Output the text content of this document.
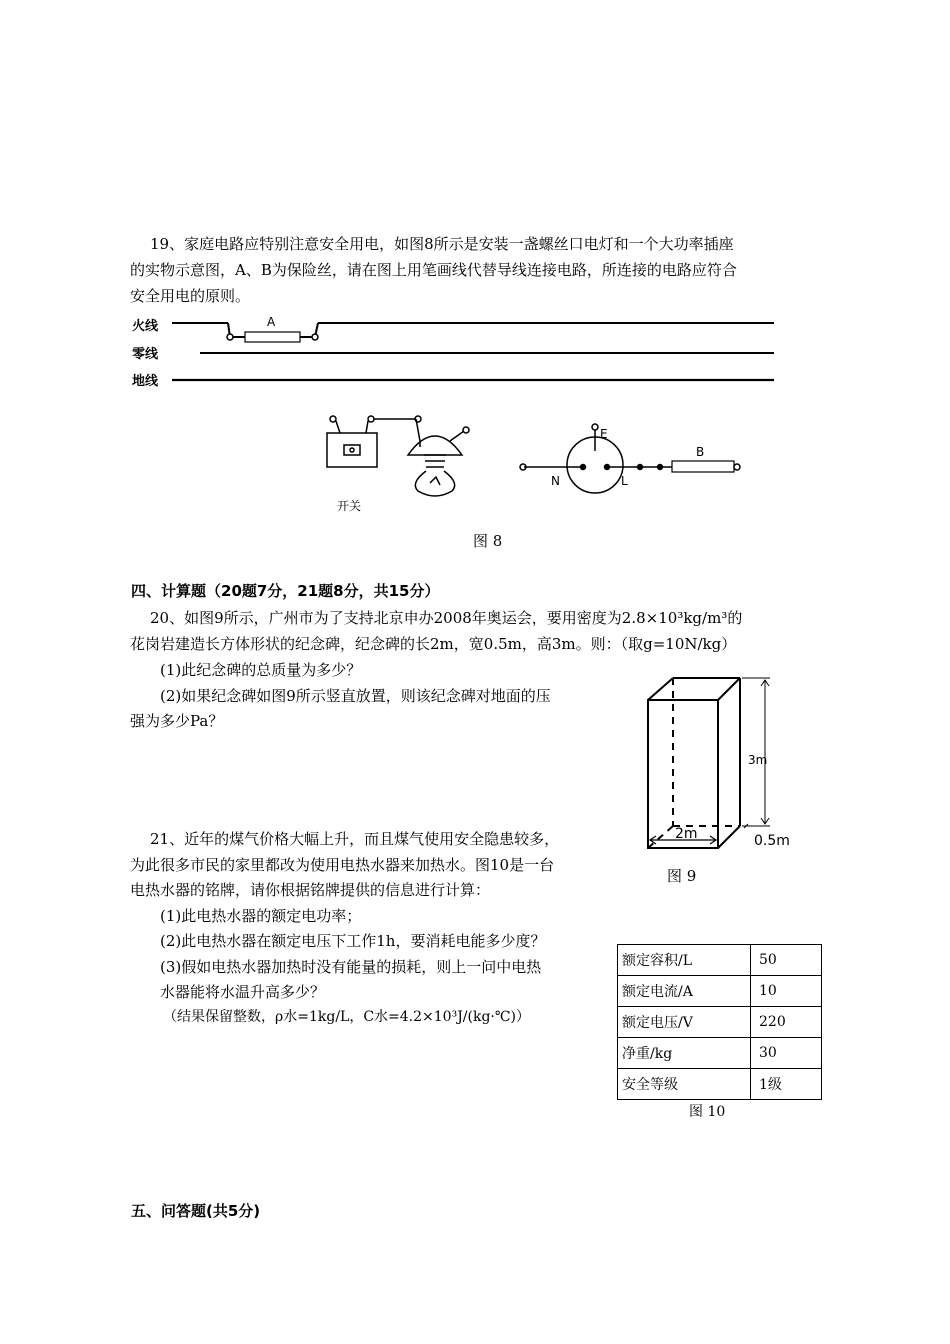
19、家庭电路应特别注意安全用电，如图8所示是安装一盏螺丝口电灯和一个大功率插座
的实物示意图，A、B为保险丝，请在图上用笔画线代替导线连接电路，所连接的电路应符合
安全用电的原则。
火线
零线
地线
A
开关
E
N	L
B
图 8
四、计算题（20题7分，21题8分，共15分）
20、如图9所示，广州市为了支持北京申办2008年奥运会，要用密度为2.8×10³kg/m³的
花岗岩建造长方体形状的纪念碑，纪念碑的长2m，宽0.5m，高3m。则：（取g=10N/kg）
(1)此纪念碑的总质量为多少？
(2)如果纪念碑如图9所示竖直放置，则该纪念碑对地面的压
强为多少Pa？
3m
2m	0.5m
图 9
21、近年的煤气价格大幅上升，而且煤气使用安全隐患较多，
为此很多市民的家里都改为使用电热水器来加热水。图10是一台
电热水器的铭牌，请你根据铭牌提供的信息进行计算：
(1)此电热水器的额定电功率；
(2)此电热水器在额定电压下工作1h，要消耗电能多少度？
(3)假如电热水器加热时没有能量的损耗，则上一问中电热
水器能将水温升高多少？
（结果保留整数，ρ水=1kg/L，C水=4.2×10³J/(kg·℃)）
额定容积/L	50
额定电流/A	10
额定电压/V	220
净重/kg	30
安全等级	1级
图 10
五、问答题(共5分)
